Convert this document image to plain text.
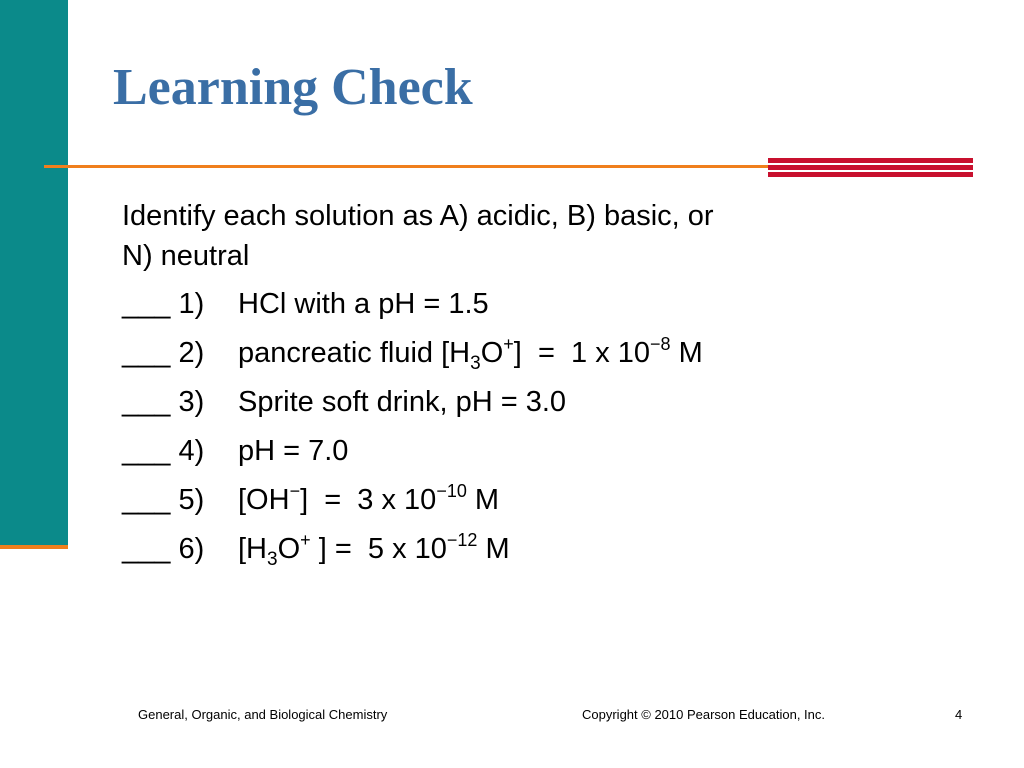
Learning Check

Identify each solution as A) acidic, B) basic, or
N) neutral

___ 1) HCl with a pH = 1.5
___ 2) pancreatic fluid $[H_3O^+] = 1$ x $10^{-8}$ M
___ 3) Sprite soft drink, pH = 3.0
___ 4) pH = 7.0
___ 5) [OH−]  =  3 x $10^{-10}$ M
___ 6) [$H_3O^+$ ] =  5 x $10^{-12}$ M
General, Organic, and Biological Chemistry	Copyright © 2010 Pearson Education, Inc.	4
